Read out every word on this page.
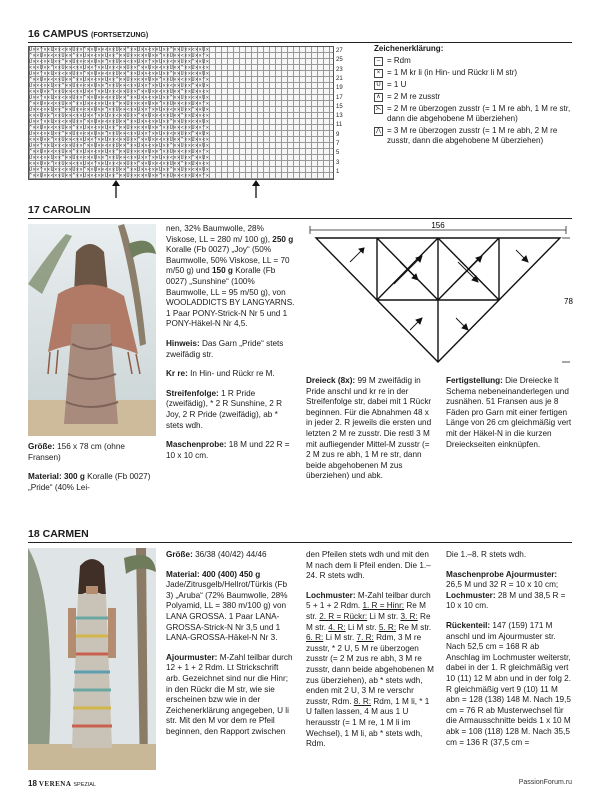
16 CAMPUS (FORTSETZUNG)
U××^××U××<××U××^××U××<××U××^××U××<××U××^××U××<××U×
^××U××<××U××^××U××<××U××^××U××<××U××^××U××<××U××^×
U××<××U××^××U××<××U××^××U××<××U××^××U××<××U××^××U×
<××U××^××U××<××U××^××U××<××U××^××U××<××U××^××U××<×
U××^××U××<××U××^××U××<××U××^××U××<××U××^××U××<××U×
^××U××<××U××^××U××<××U××^××U××<××U××^××U××<××U××^×
U××<××U××^××U××<××U××^××U××<××U××^××U××<××U××^××U×
<××U××^××U××<××U××^××U××<××U××^××U××<××U××^××U××<×
U××^××U××<××U××^××U××<××U××^××U××<××U××^××U××<××U×
^××U××<××U××^××U××<××U××^××U××<××U××^××U××<××U××^×
U××<××U××^××U××<××U××^××U××<××U××^××U××<××U××^××U×
<××U××^××U××<××U××^××U××<××U××^××U××<××U××^××U××<×
U××^××U××<××U××^××U××<××U××^××U××<××U××^××U××<××U×
^××U××<××U××^××U××<××U××^××U××<××U××^××U××<××U××^×
U××<××U××^××U××<××U××^××U××<××U××^××U××<××U××^××U×
<××U××^××U××<××U××^××U××<××U××^××U××<××U××^××U××<×
U××^××U××<××U××^××U××<××U××^××U××<××U××^××U××<××U×
^××U××<××U××^××U××<××U××^××U××<××U××^××U××<××U××^×
U××<××U××^××U××<××U××^××U××<××U××^××U××<××U××^××U×
<××U××^××U××<××U××^××U××<××U××^××U××<××U××^××U××<×
U××^××U××<××U××^××U××<××U××^××U××<××U××^××U××<××U×
^××U××<××U××^××U××<××U××^××U××<××U××^××U××<××U××^×
27
25
23
21
19
17
15
13
11
9
7
5
3
1
Zeichenerklärung:
– = Rdm
× = 1 M kr li (in Hin- und Rückr li M str)
U = 1 U
∧ = 2 M re zusstr
⋋ = 2 M re überzogen zusstr (= 1 M re abh, 1 M re str, dann die abgehobene M überziehen)
⋀ = 3 M re überzogen zusstr (= 1 M re abh, 2 M re zusstr, dann die abgehobene M überziehen)
17 CAROLIN

Größe: 156 x 78 cm (ohne Fransen)

Material: 300 g Koralle (Fb 0027) „Pride“ (40% Lei-

nen, 32% Baumwolle, 28% Viskose, LL = 280 m/ 100 g), 250 g Koralle (Fb 0027) „Joy“ (50% Baumwolle, 50% Viskose, LL = 70 m/50 g) und 150 g Koralle (Fb 0027) „Sunshine“ (100% Baumwolle, LL = 95 m/50 g), von WOOLADDICTS BY LANGYARNS. 1 Paar PONY-Strick-N Nr 5 und 1 PONY-Häkel-N Nr 4,5.

Hinweis: Das Garn „Pride“ stets zweifädig str.

Kr re: In Hin- und Rückr re M.

Streifenfolge: 1 R Pride (zweifädig), * 2 R Sunshine, 2 R Joy, 2 R Pride (zweifädig), ab * stets wdh.

Maschenprobe: 18 M und 22 R = 10 x 10 cm.

156
78

Dreieck (8x): 99 M zweifädig in Pride anschl und kr re in der Streifenfolge str, dabei mit 1 Rückr beginnen. Für die Abnahmen 48 x in jeder 2. R jeweils die ersten und letzten 2 M re zusstr. Die restl 3 M mit aufliegender Mittel-M zusstr (= 2 M zus re abh, 1 M re str, dann beide abgehobenen M zus überziehen) und abk.

Fertigstellung: Die Dreiecke lt Schema nebeneinanderlegen und zusnähen. 51 Fransen aus je 8 Fäden pro Garn mit einer fertigen Länge von 26 cm gleichmäßig vert mit der Häkel-N in die kurzen Dreieckseiten einknüpfen.

18 CARMEN

Größe: 36/38 (40/42) 44/46

Material: 400 (400) 450 g Jade/Zitrusgelb/Hellrot/Türkis (Fb 3) „Aruba“ (72% Baumwolle, 28% Polyamid, LL = 380 m/100 g) von LANA GROSSA. 1 Paar LANA-GROSSA-Strick-N Nr 3,5 und 1 LANA-GROSSA-Häkel-N Nr 3.

Ajourmuster: M-Zahl teilbar durch 12 + 1 + 2 Rdm. Lt Strickschrift arb. Gezeichnet sind nur die Hinr; in den Rückr die M str, wie sie erscheinen bzw wie in der Zeichenerklärung angegeben, U li str. Mit den M vor dem re Pfeil beginnen, den Rapport zwischen

den Pfeilen stets wdh und mit den M nach dem li Pfeil enden. Die 1.–24. R stets wdh.

Lochmuster: M-Zahl teilbar durch 5 + 1 + 2 Rdm. 1. R = Hinr: Re M str. 2. R = Rückr: Li M str. 3. R: Re M str. 4. R: Li M str. 5. R: Re M str. 6. R: Li M str. 7. R: Rdm, 3 M re zusstr, * 2 U, 5 M re überzogen zusstr (= 2 M zus re abh, 3 M re zusstr, dann beide abgehobenen M zus überziehen), ab * stets wdh, enden mit 2 U, 3 M re verschr zusstr, Rdm. 8. R: Rdm, 1 M li, * 1 U fallen lassen, 4 M aus 1 U herausstr (= 1 M re, 1 M li im Wechsel), 1 M li, ab * stets wdh, Rdm.

Die 1.–8. R stets wdh.

Maschenprobe Ajourmuster: 26,5 M und 32 R = 10 x 10 cm; Lochmuster: 28 M und 38,5 R = 10 x 10 cm.

Rückenteil: 147 (159) 171 M anschl und im Ajourmuster str. Nach 52,5 cm = 168 R ab Anschlag im Lochmuster weiterstr, dabei in der 1. R gleichmäßig vert 10 (11) 12 M abn und in der folg 2. R gleichmäßig vert 9 (10) 11 M abn = 128 (138) 148 M. Nach 19,5 cm = 76 R ab Musterwechsel für die Armausschnitte beids 1 x 10 M abk = 108 (118) 128 M. Nach 35,5 cm = 136 R (37,5 cm =

18 VERENA SPEZIAL	PassionForum.ru
